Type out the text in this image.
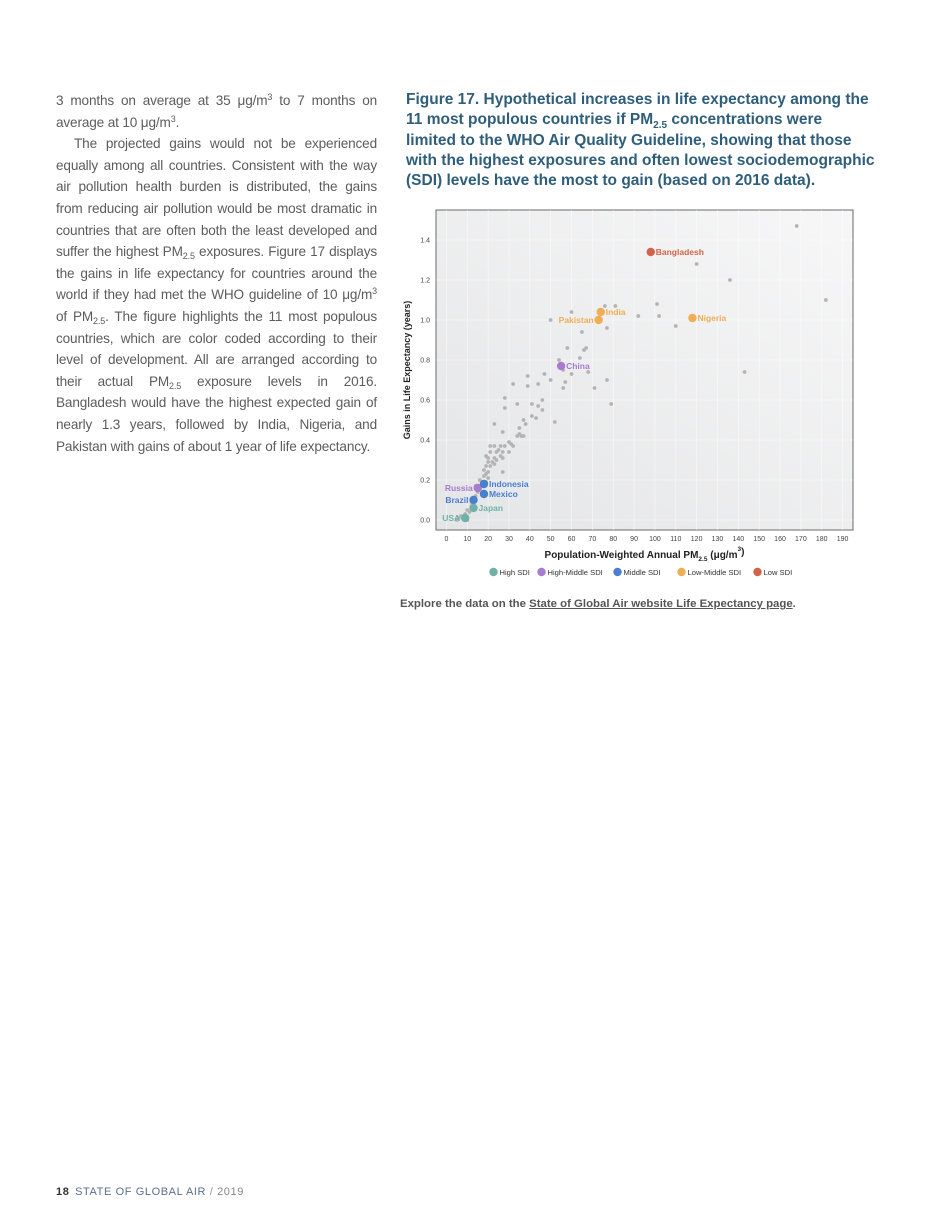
3 months on average at 35 $\mu g/m^3$ to 7 months on average at 10 $\mu g/m^3$.

The projected gains would not be experienced equally among all countries. Consistent with the way air pollution health burden is distributed, the gains from reducing air pollution would be most dramatic in countries that are often both the least developed and suffer the highest $PM_{2.5}$ exposures. Figure 17 displays the gains in life expectancy for countries around the world if they had met the WHO guideline of 10 $\mu g/m^3$ of $PM_{2.5}$. The figure highlights the 11 most populous countries, which are color coded according to their level of development. All are arranged according to their actual $PM_{2.5}$ exposure levels in 2016. Bangladesh would have the highest expected gain of nearly 1.3 years, followed by India, Nigeria, and Pakistan with gains of about 1 year of life expectancy.

Figure 17. Hypothetical increases in life expectancy among the 11 most populous countries if $PM_{2.5}$ concentrations were limited to the WHO Air Quality Guideline, showing that those with the highest exposures and often lowest sociodemographic (SDI) levels have the most to gain (based on 2016 data).
0 10 20 30 40 50 60 70 80 90 100 110 120 130 140 150 160 170 180 190
0.0
0.2
0.4
0.6
0.8
1.0
1.2
1.4
Population-Weighted Annual $PM_{2.5}$ $(\mu g/m^3)$
Gains in Life Expectancy (years)
Bangladesh
India
Pakistan	Nigeria
China
Russia Indonesia
Mexico
Brazil
Japan
USA
High SDI High-Middle SDI	Middle SDI	Low-Middle SDI	Low SDI
Explore the data on the State of Global Air website Life Expectancy page.
18 STATE OF GLOBAL AIR / 2019
